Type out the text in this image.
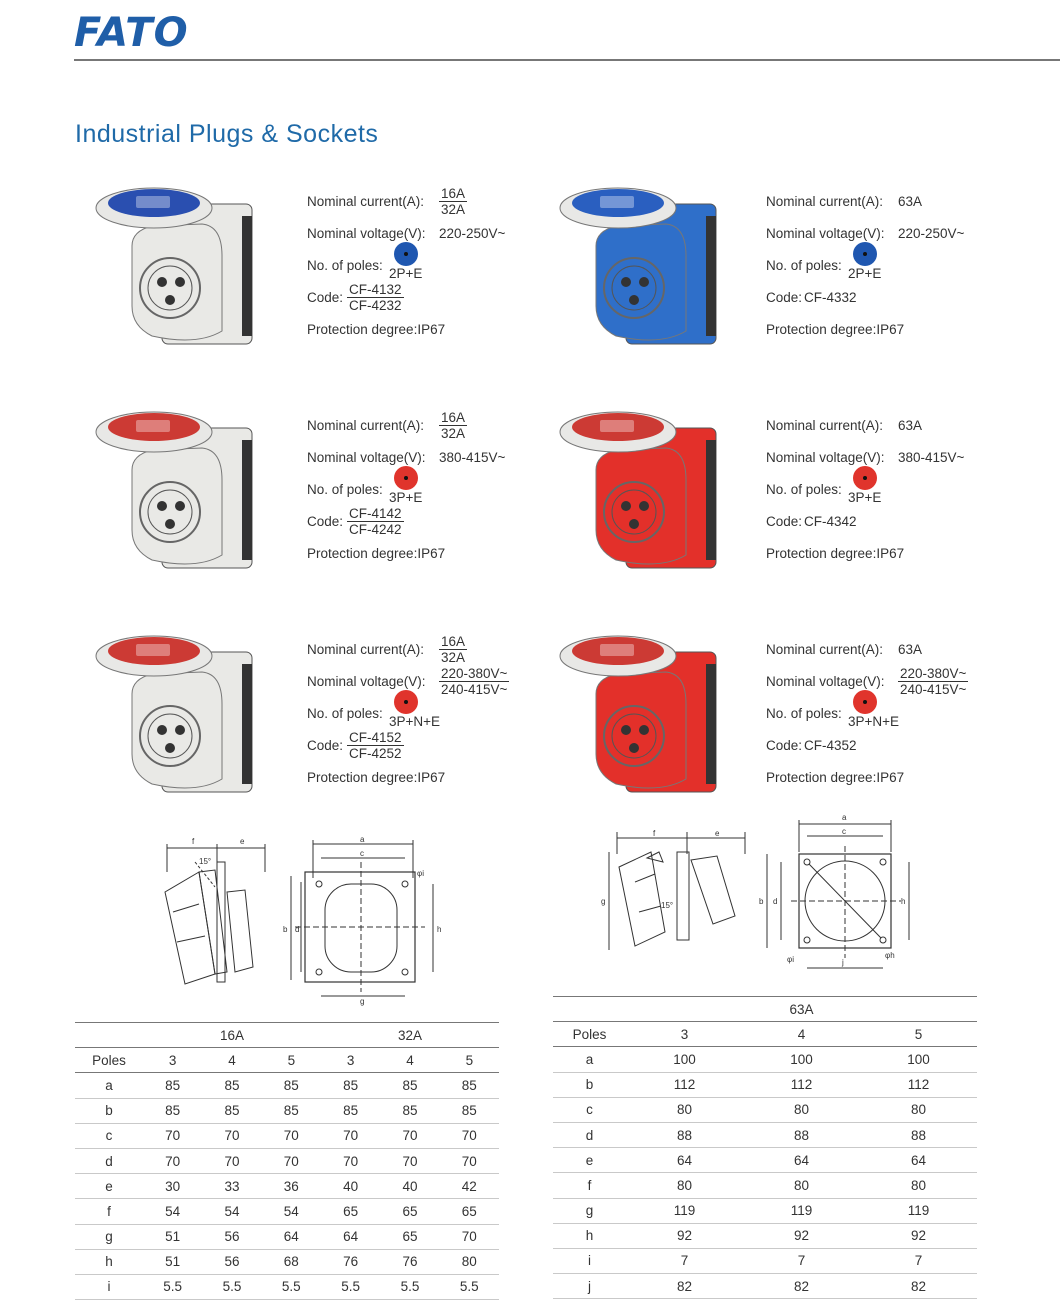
FATO
Industrial Plugs & Sockets
Nominal current(A): $\frac{16A}{32A}$
Nominal voltage(V): 220-250V~
No. of poles:
2P+E
Code: $\frac{CF-4132}{CF-4232}$
Protection degree:IP67
Nominal current(A): 63A
Nominal voltage(V): 220-250V~
No. of poles:
2P+E
Code: CF-4332
Protection degree:IP67
Nominal current(A): $\frac{16A}{32A}$
Nominal voltage(V): 380-415V~
No. of poles:
3P+E
Code: $\frac{CF-4142}{CF-4242}$
Protection degree:IP67
Nominal current(A): 63A
Nominal voltage(V): 380-415V~
No. of poles:
3P+E
Code: CF-4342
Protection degree:IP67
Nominal current(A): $\frac{16A}{32A}$
Nominal voltage(V): $\frac{220-380V\sim}{240-415V\sim}$
No. of poles:
3P+N+E
Code: $\frac{CF-4152}{CF-4252}$
Protection degree:IP67
Nominal current(A): 63A
Nominal voltage(V): $\frac{220-380V\sim}{240-415V\sim}$
No. of poles:
3P+N+E
Code: CF-4352
Protection degree:IP67
f	e
15°
a
c
φi
b d	h
g
f	e
g	15°
a
c
b d	h
φi	φh
j
	16A			32A		
Poles	3	4	5	3	4	5
a	85	85	85	85	85	85
b	85	85	85	85	85	85
c	70	70	70	70	70	70
d	70	70	70	70	70	70
e	30	33	36	40	40	42
f	54	54	54	65	65	65
g	51	56	64	64	65	70
h	51	56	68	76	76	80
i	5.5	5.5	5.5	5.5	5.5	5.5
	63A		
Poles	3	4	5
a	100	100	100
b	112	112	112
c	80	80	80
d	88	88	88
e	64	64	64
f	80	80	80
g	119	119	119
h	92	92	92
i	7	7	7
j	82	82	82
